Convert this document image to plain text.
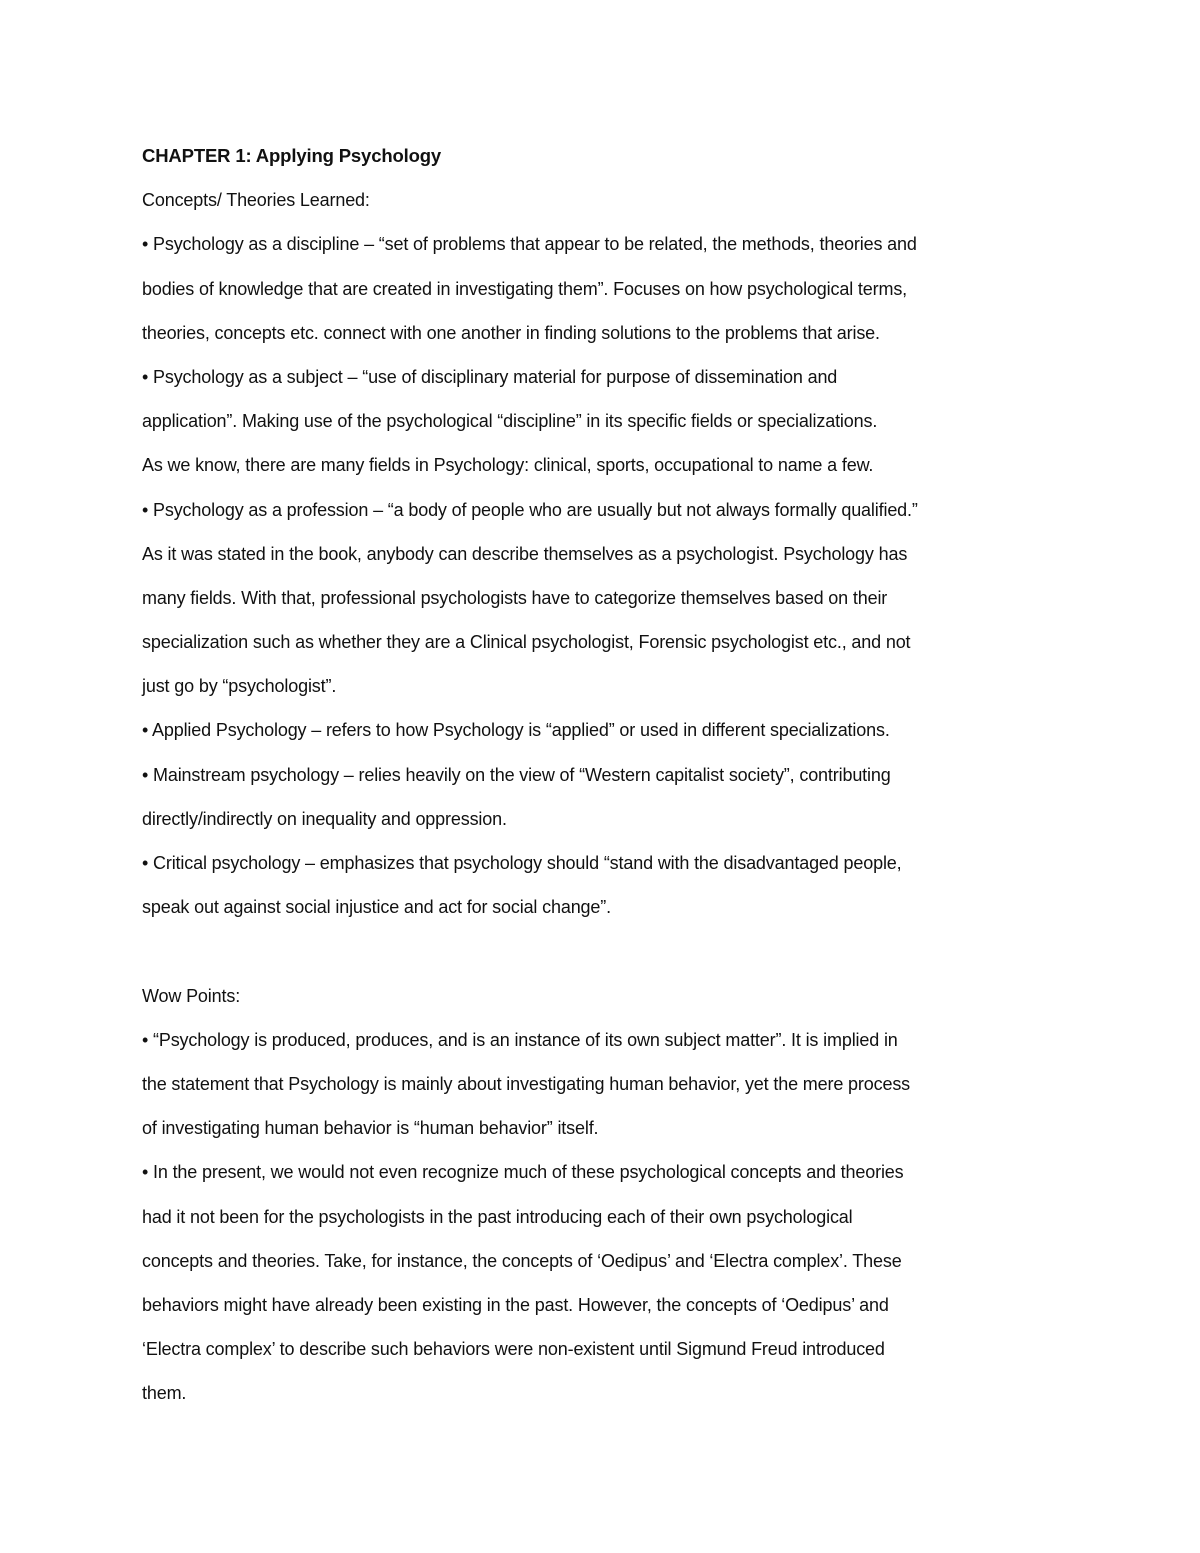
CHAPTER 1: Applying Psychology
Concepts/ Theories Learned:
• Psychology as a discipline – “set of problems that appear to be related, the methods, theories and
bodies of knowledge that are created in investigating them”. Focuses on how psychological terms,
theories, concepts etc. connect with one another in finding solutions to the problems that arise.
• Psychology as a subject – “use of disciplinary material for purpose of dissemination and
application”. Making use of the psychological “discipline” in its specific fields or specializations.
As we know, there are many fields in Psychology: clinical, sports, occupational to name a few.
• Psychology as a profession – “a body of people who are usually but not always formally qualified.”
As it was stated in the book, anybody can describe themselves as a psychologist. Psychology has
many fields. With that, professional psychologists have to categorize themselves based on their
specialization such as whether they are a Clinical psychologist, Forensic psychologist etc., and not
just go by “psychologist”.
• Applied Psychology – refers to how Psychology is “applied” or used in different specializations.
• Mainstream psychology – relies heavily on the view of “Western capitalist society”, contributing
directly/indirectly on inequality and oppression.
• Critical psychology – emphasizes that psychology should “stand with the disadvantaged people,
speak out against social injustice and act for social change”.
Wow Points:
• “Psychology is produced, produces, and is an instance of its own subject matter”. It is implied in
the statement that Psychology is mainly about investigating human behavior, yet the mere process
of investigating human behavior is “human behavior” itself.
• In the present, we would not even recognize much of these psychological concepts and theories
had it not been for the psychologists in the past introducing each of their own psychological
concepts and theories. Take, for instance, the concepts of ‘Oedipus’ and ‘Electra complex’. These
behaviors might have already been existing in the past. However, the concepts of ‘Oedipus’ and
‘Electra complex’ to describe such behaviors were non-existent until Sigmund Freud introduced
them.
